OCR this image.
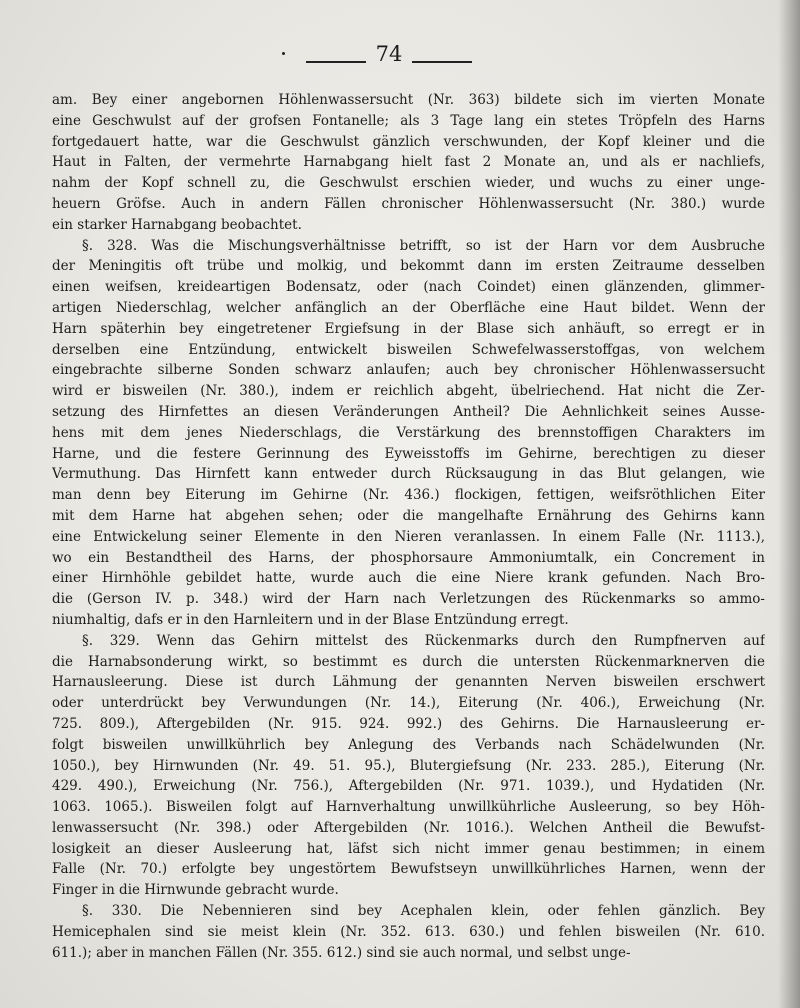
74
am. Bey einer angebornen Höhlenwassersucht (Nr. 363) bildete sich im vierten Monate
eine Geschwulst auf der grofsen Fontanelle; als 3 Tage lang ein stetes Tröpfeln des Harns
fortgedauert hatte, war die Geschwulst gänzlich verschwunden, der Kopf kleiner und die
Haut in Falten, der vermehrte Harnabgang hielt fast 2 Monate an, und als er nachliefs,
nahm der Kopf schnell zu, die Geschwulst erschien wieder, und wuchs zu einer unge-
heuern Gröfse. Auch in andern Fällen chronischer Höhlenwassersucht (Nr. 380.) wurde
ein starker Harnabgang beobachtet.
§. 328. Was die Mischungsverhältnisse betrifft, so ist der Harn vor dem Ausbruche
der Meningitis oft trübe und molkig, und bekommt dann im ersten Zeitraume desselben
einen weifsen, kreideartigen Bodensatz, oder (nach Coindet) einen glänzenden, glimmer-
artigen Niederschlag, welcher anfänglich an der Oberfläche eine Haut bildet. Wenn der
Harn späterhin bey eingetretener Ergiefsung in der Blase sich anhäuft, so erregt er in
derselben eine Entzündung, entwickelt bisweilen Schwefelwasserstoffgas, von welchem
eingebrachte silberne Sonden schwarz anlaufen; auch bey chronischer Höhlenwassersucht
wird er bisweilen (Nr. 380.), indem er reichlich abgeht, übelriechend. Hat nicht die Zer-
setzung des Hirnfettes an diesen Veränderungen Antheil? Die Aehnlichkeit seines Ausse-
hens mit dem jenes Niederschlags, die Verstärkung des brennstoffigen Charakters im
Harne, und die festere Gerinnung des Eyweisstoffs im Gehirne, berechtigen zu dieser
Vermuthung. Das Hirnfett kann entweder durch Rücksaugung in das Blut gelangen, wie
man denn bey Eiterung im Gehirne (Nr. 436.) flockigen, fettigen, weifsröthlichen Eiter
mit dem Harne hat abgehen sehen; oder die mangelhafte Ernährung des Gehirns kann
eine Entwickelung seiner Elemente in den Nieren veranlassen. In einem Falle (Nr. 1113.),
wo ein Bestandtheil des Harns, der phosphorsaure Ammoniumtalk, ein Concrement in
einer Hirnhöhle gebildet hatte, wurde auch die eine Niere krank gefunden. Nach Bro-
die (Gerson IV. p. 348.) wird der Harn nach Verletzungen des Rückenmarks so ammo-
niumhaltig, dafs er in den Harnleitern und in der Blase Entzündung erregt.
§. 329. Wenn das Gehirn mittelst des Rückenmarks durch den Rumpfnerven auf
die Harnabsonderung wirkt, so bestimmt es durch die untersten Rückenmarknerven die
Harnausleerung. Diese ist durch Lähmung der genannten Nerven bisweilen erschwert
oder unterdrückt bey Verwundungen (Nr. 14.), Eiterung (Nr. 406.), Erweichung (Nr.
725. 809.), Aftergebilden (Nr. 915. 924. 992.) des Gehirns. Die Harnausleerung er-
folgt bisweilen unwillkührlich bey Anlegung des Verbands nach Schädelwunden (Nr.
1050.), bey Hirnwunden (Nr. 49. 51. 95.), Blutergiefsung (Nr. 233. 285.), Eiterung (Nr.
429. 490.), Erweichung (Nr. 756.), Aftergebilden (Nr. 971. 1039.), und Hydatiden (Nr.
1063. 1065.). Bisweilen folgt auf Harnverhaltung unwillkührliche Ausleerung, so bey Höh-
lenwassersucht (Nr. 398.) oder Aftergebilden (Nr. 1016.). Welchen Antheil die Bewufst-
losigkeit an dieser Ausleerung hat, läfst sich nicht immer genau bestimmen; in einem
Falle (Nr. 70.) erfolgte bey ungestörtem Bewufstseyn unwillkührliches Harnen, wenn der
Finger in die Hirnwunde gebracht wurde.
§. 330. Die Nebennieren sind bey Acephalen klein, oder fehlen gänzlich. Bey
Hemicephalen sind sie meist klein (Nr. 352. 613. 630.) und fehlen bisweilen (Nr. 610.
611.); aber in manchen Fällen (Nr. 355. 612.) sind sie auch normal, und selbst unge-
